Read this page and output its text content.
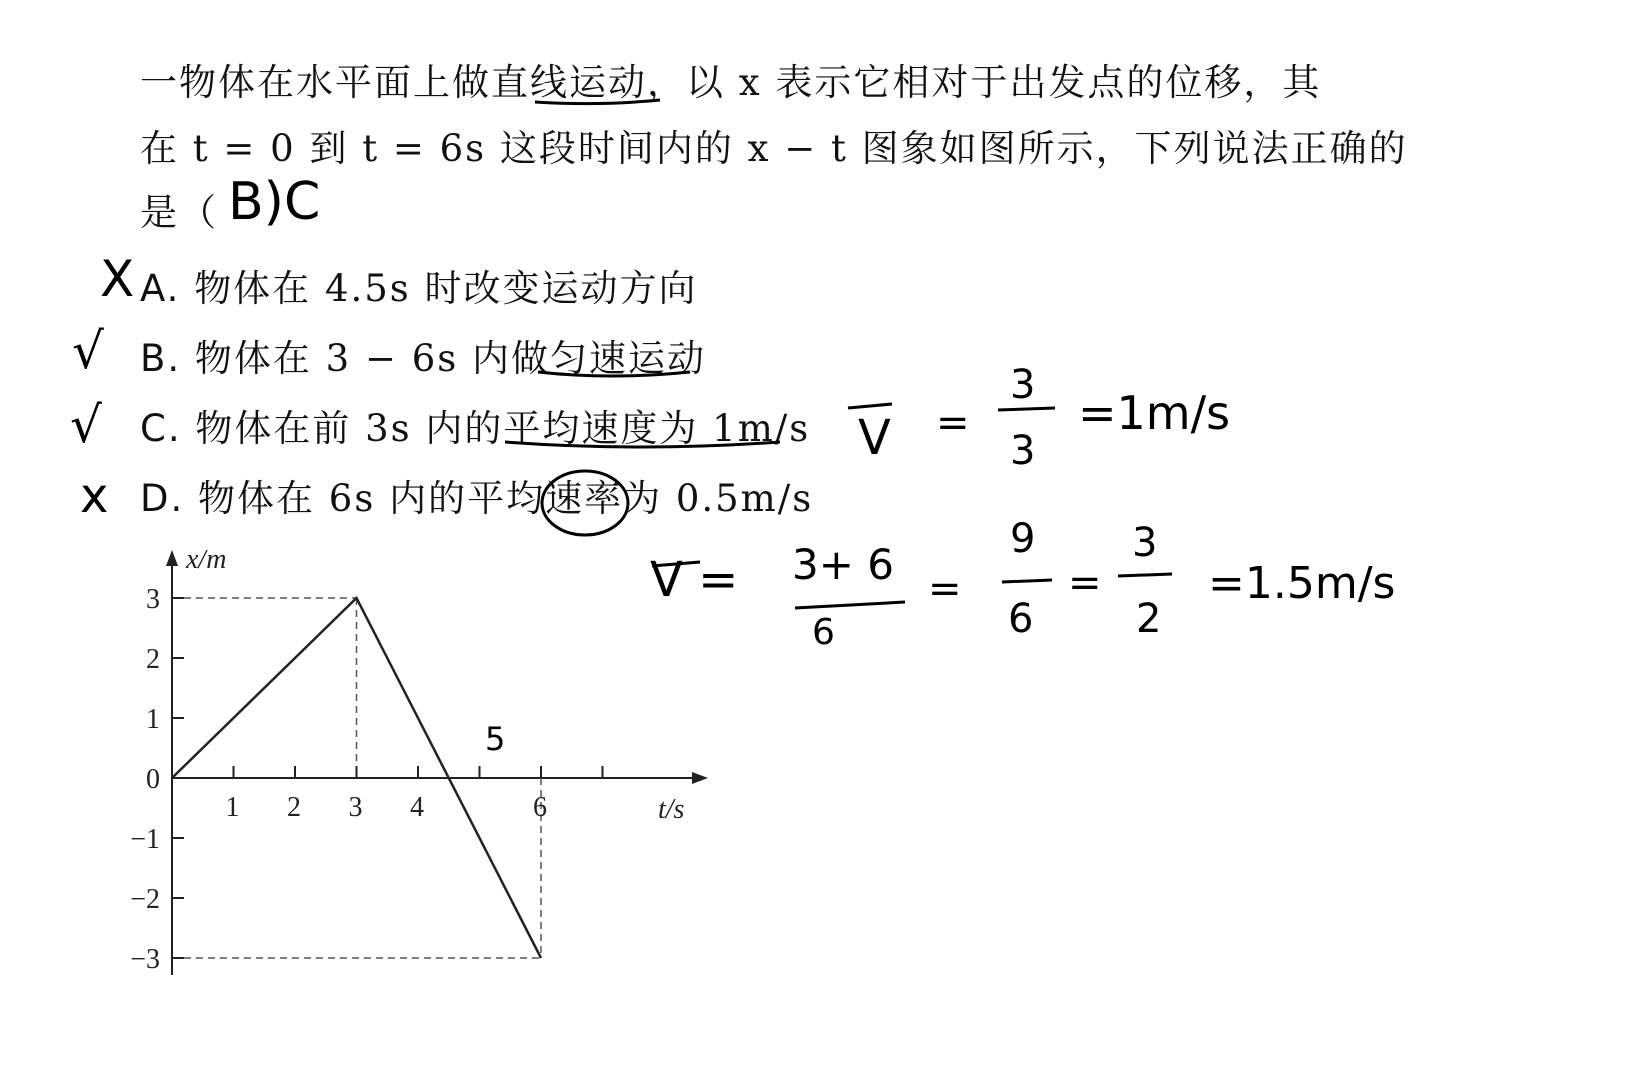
一物体在水平面上做直线运动，以 x 表示它相对于出发点的位移，其
在 t = 0 到 t = 6s 这段时间内的 x − t 图象如图所示，下列说法正确的
是（ B)C
A. 物体在 4.5s 时改变运动方向
B. 物体在 3 − 6s 内做匀速运动
C. 物体在前 3s 内的平均速度为 1m/s
D. 物体在 6s 内的平均速率为 0.5m/s
X
√
√
x
V =
3
3
=1m/s
V = 3+ 6
6
=
9
6
=
3
2
=1.5m/s
x/m
t/s
1 2 3 4	6
3
2
1
0
−1
−2
−3
5
